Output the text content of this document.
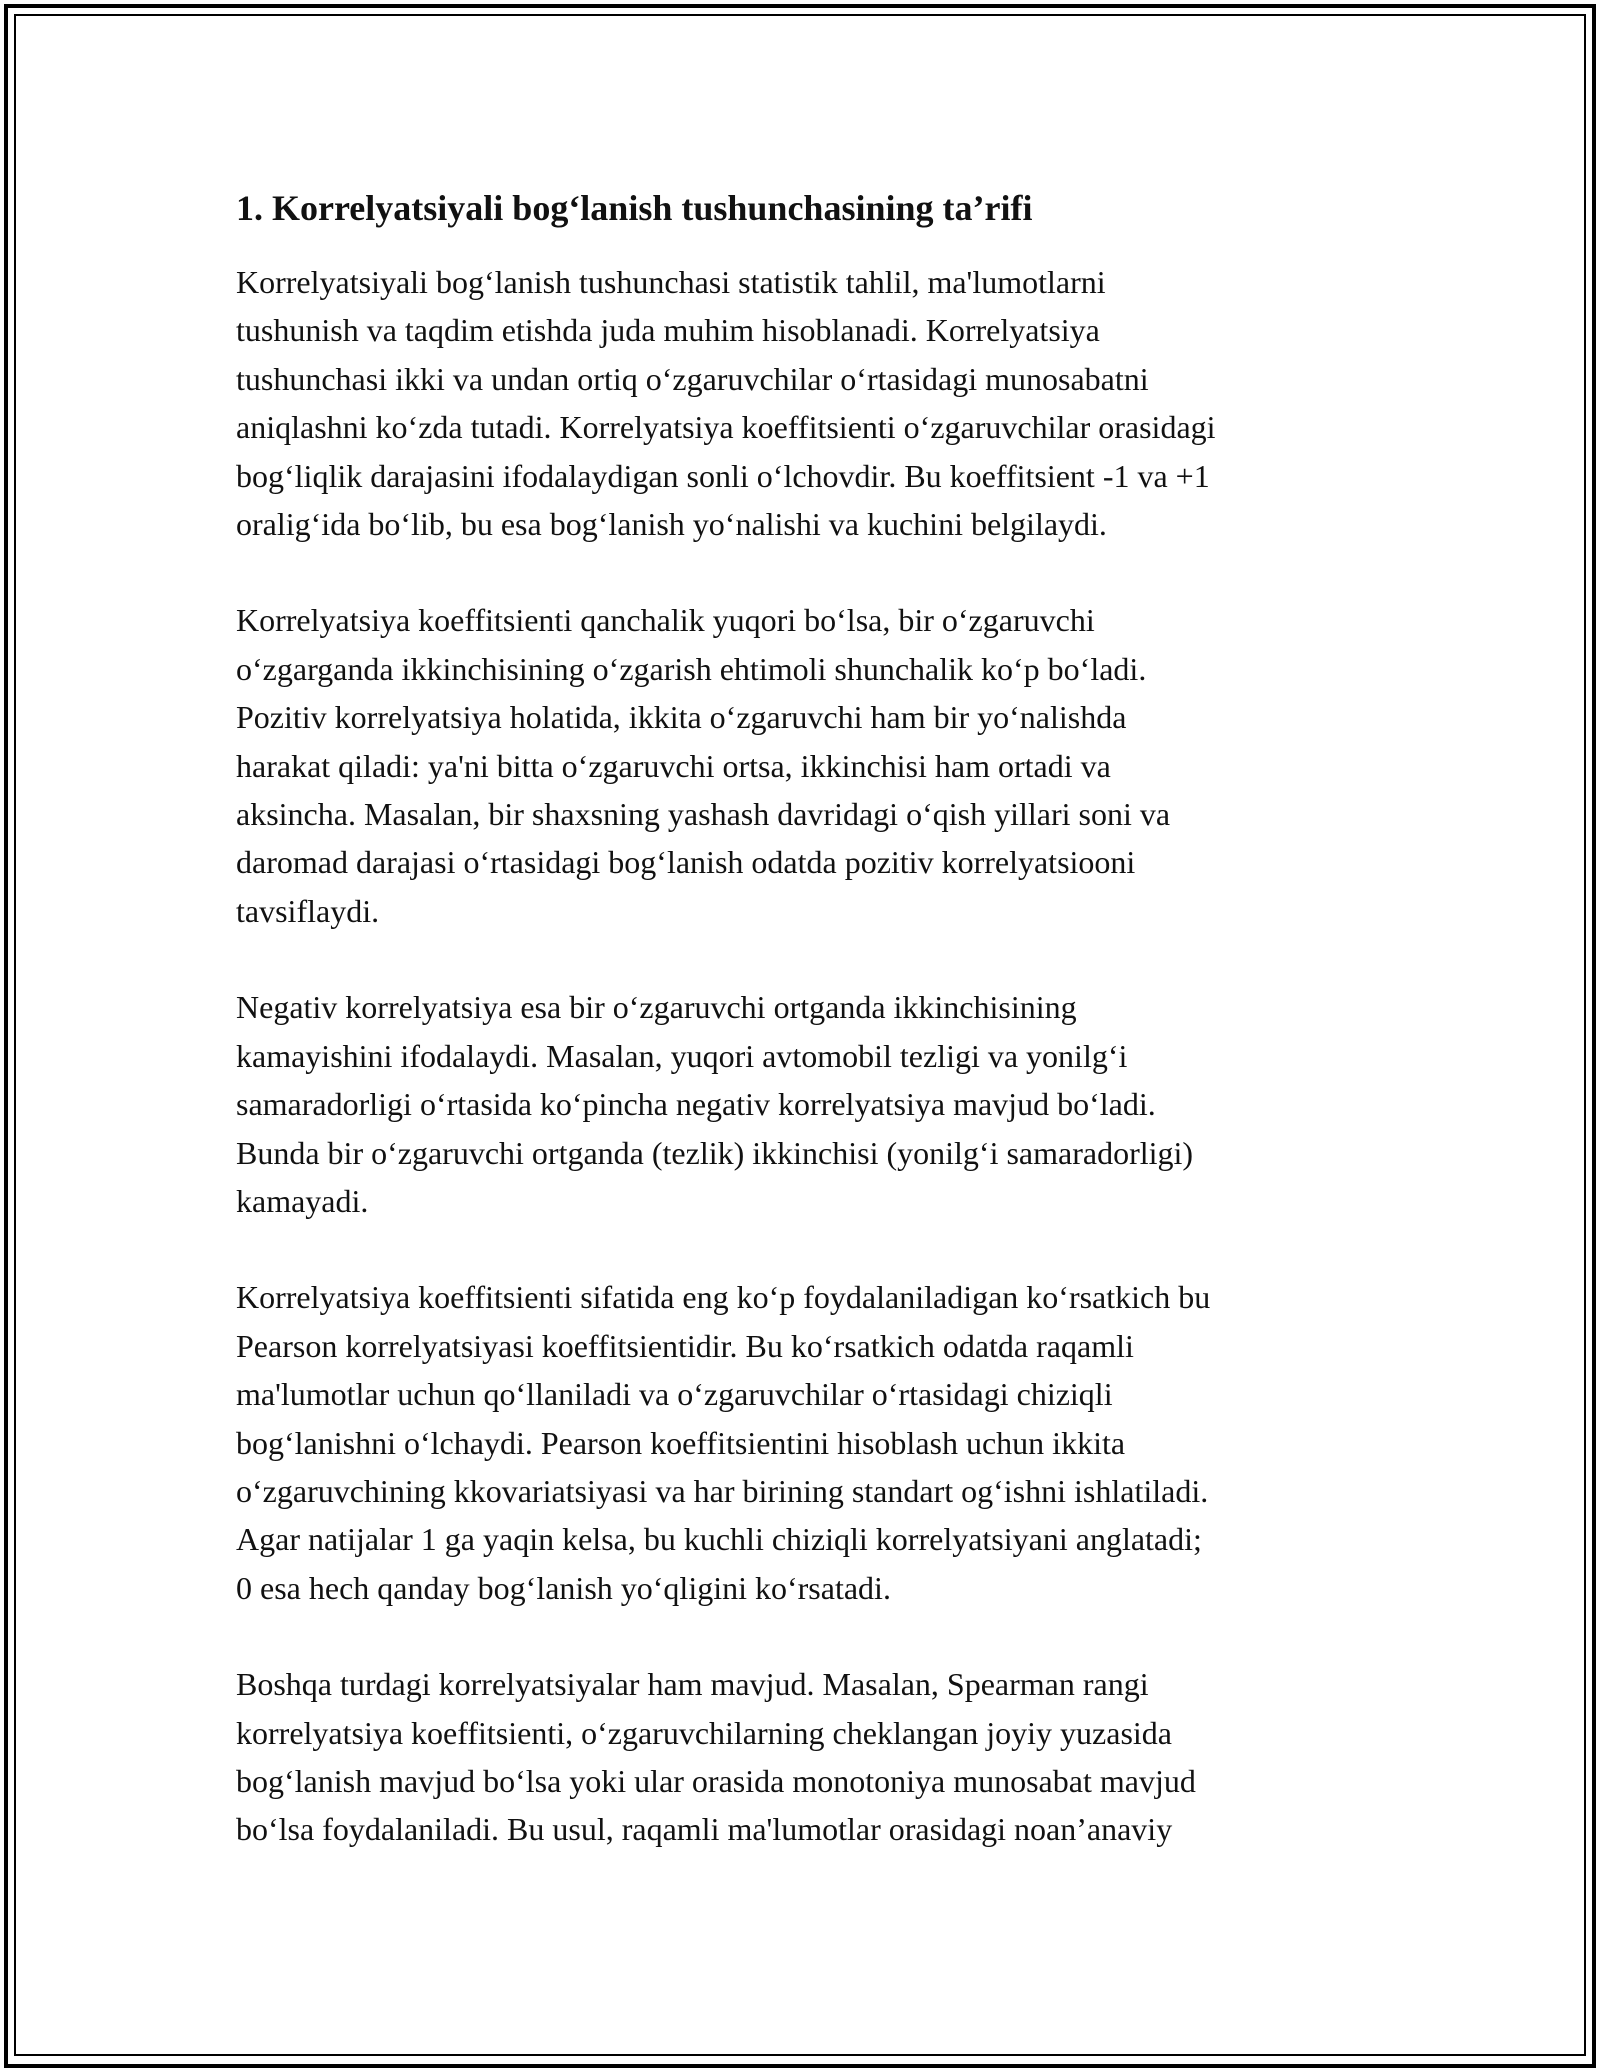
1. Korrelyatsiyali bog‘lanish tushunchasining ta’rifi

Korrelyatsiyali bog‘lanish tushunchasi statistik tahlil, ma'lumotlarni
tushunish va taqdim etishda juda muhim hisoblanadi. Korrelyatsiya
tushunchasi ikki va undan ortiq o‘zgaruvchilar o‘rtasidagi munosabatni
aniqlashni ko‘zda tutadi. Korrelyatsiya koeffitsienti o‘zgaruvchilar orasidagi
bog‘liqlik darajasini ifodalaydigan sonli o‘lchovdir. Bu koeffitsient -1 va +1
oralig‘ida bo‘lib, bu esa bog‘lanish yo‘nalishi va kuchini belgilaydi.

Korrelyatsiya koeffitsienti qanchalik yuqori bo‘lsa, bir o‘zgaruvchi
o‘zgarganda ikkinchisining o‘zgarish ehtimoli shunchalik ko‘p bo‘ladi.
Pozitiv korrelyatsiya holatida, ikkita o‘zgaruvchi ham bir yo‘nalishda
harakat qiladi: ya'ni bitta o‘zgaruvchi ortsa, ikkinchisi ham ortadi va
aksincha. Masalan, bir shaxsning yashash davridagi o‘qish yillari soni va
daromad darajasi o‘rtasidagi bog‘lanish odatda pozitiv korrelyatsiooni
tavsiflaydi.

Negativ korrelyatsiya esa bir o‘zgaruvchi ortganda ikkinchisining
kamayishini ifodalaydi. Masalan, yuqori avtomobil tezligi va yonilg‘i
samaradorligi o‘rtasida ko‘pincha negativ korrelyatsiya mavjud bo‘ladi.
Bunda bir o‘zgaruvchi ortganda (tezlik) ikkinchisi (yonilg‘i samaradorligi)
kamayadi.

Korrelyatsiya koeffitsienti sifatida eng ko‘p foydalaniladigan ko‘rsatkich bu
Pearson korrelyatsiyasi koeffitsientidir. Bu ko‘rsatkich odatda raqamli
ma'lumotlar uchun qo‘llaniladi va o‘zgaruvchilar o‘rtasidagi chiziqli
bog‘lanishni o‘lchaydi. Pearson koeffitsientini hisoblash uchun ikkita
o‘zgaruvchining kkovariatsiyasi va har birining standart og‘ishni ishlatiladi.
Agar natijalar 1 ga yaqin kelsa, bu kuchli chiziqli korrelyatsiyani anglatadi;
0 esa hech qanday bog‘lanish yo‘qligini ko‘rsatadi.

Boshqa turdagi korrelyatsiyalar ham mavjud. Masalan, Spearman rangi
korrelyatsiya koeffitsienti, o‘zgaruvchilarning cheklangan joyiy yuzasida
bog‘lanish mavjud bo‘lsa yoki ular orasida monotoniya munosabat mavjud
bo‘lsa foydalaniladi. Bu usul, raqamli ma'lumotlar orasidagi noan’anaviy
